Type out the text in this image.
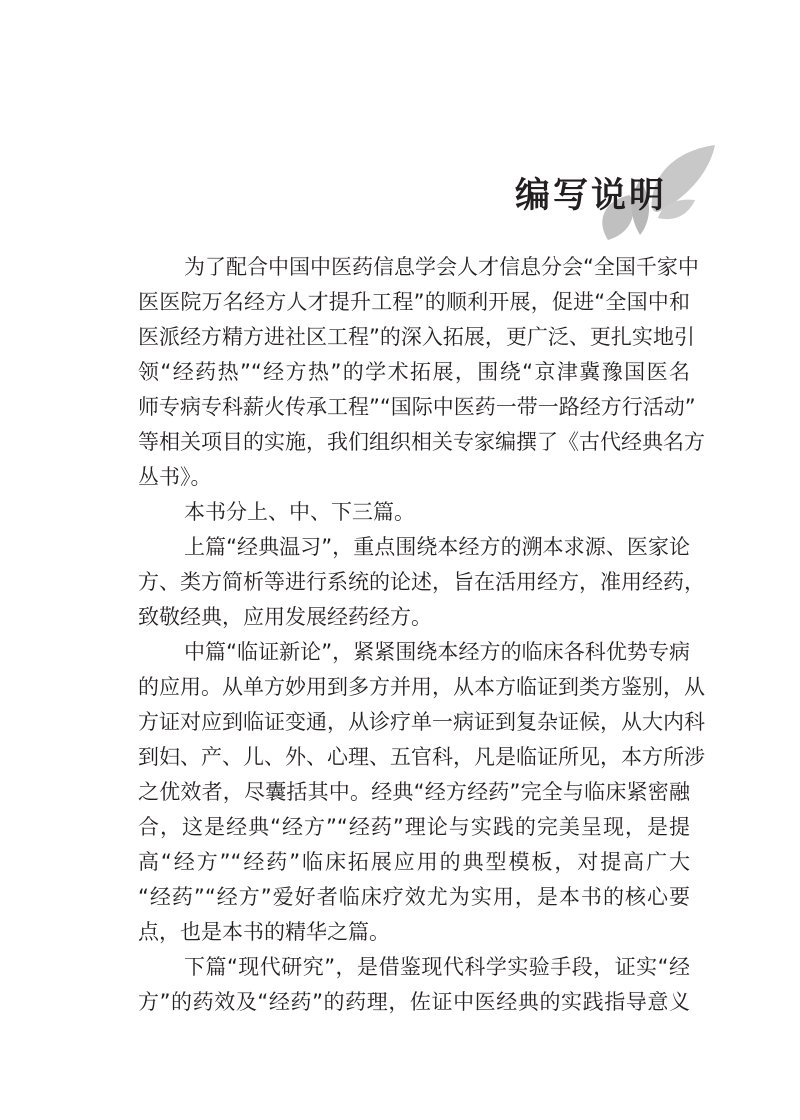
编写说明
为了配合中国中医药信息学会人才信息分会“全国千家中
医医院万名经方人才提升工程”的顺利开展，促进“全国中和
医派经方精方进社区工程”的深入拓展，更广泛、更扎实地引
领“经药热”“经方热”的学术拓展，围绕“京津冀豫国医名
师专病专科薪火传承工程”“国际中医药一带一路经方行活动”
等相关项目的实施，我们组织相关专家编撰了《古代经典名方
丛书》。
本书分上、中、下三篇。
上篇“经典温习”，重点围绕本经方的溯本求源、医家论
方、类方简析等进行系统的论述，旨在活用经方，准用经药，
致敬经典，应用发展经药经方。
中篇“临证新论”，紧紧围绕本经方的临床各科优势专病
的应用。从单方妙用到多方并用，从本方临证到类方鉴别，从
方证对应到临证变通，从诊疗单一病证到复杂证候，从大内科
到妇、产、儿、外、心理、五官科，凡是临证所见，本方所涉
之优效者，尽囊括其中。经典“经方经药”完全与临床紧密融
合，这是经典“经方”“经药”理论与实践的完美呈现，是提
高“经方”“经药”临床拓展应用的典型模板，对提高广大
“经药”“经方”爱好者临床疗效尤为实用，是本书的核心要
点，也是本书的精华之篇。
下篇“现代研究”，是借鉴现代科学实验手段，证实“经
方”的药效及“经药”的药理，佐证中医经典的实践指导意义
